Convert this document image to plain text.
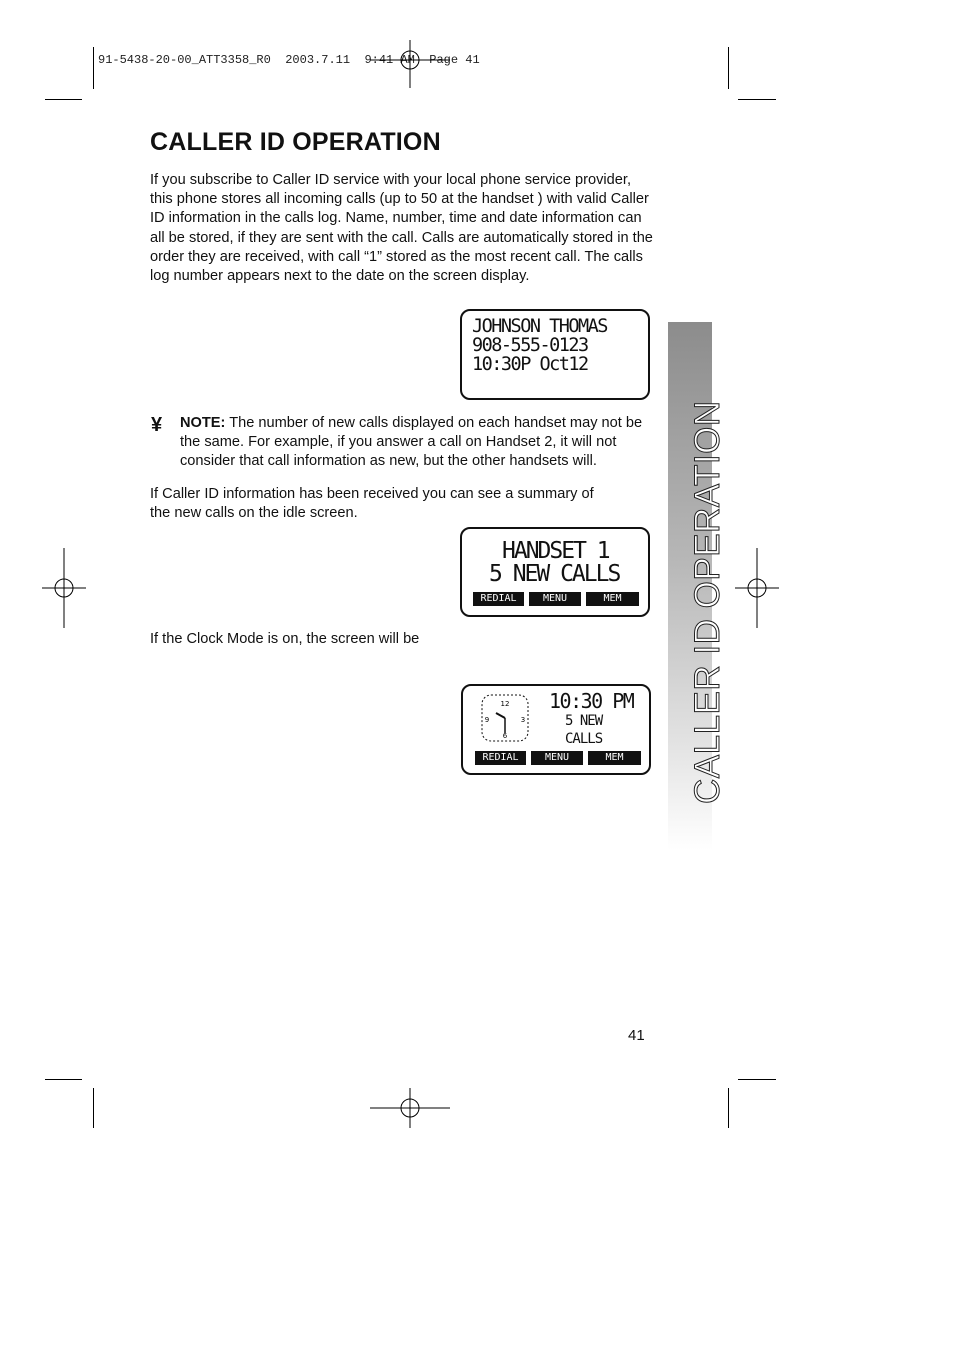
91-5438-20-00_ATT3358_R0  2003.7.11  9:41 AM  Page 41
CALLER ID OPERATION
If you subscribe to Caller ID service with your local phone service provider, this phone stores all incoming calls (up to 50 at the handset ) with valid Caller ID information in the calls log. Name, number, time and date information can all be stored, if they are sent with the call. Calls are automatically stored in the order they are received, with call “1” stored as the most recent call. The calls log number appears next to the date on the screen display.
JOHNSON THOMAS
908-555-0123
10:30P Oct12
¥ NOTE: The number of new calls displayed on each handset may not be the same. For example, if you answer a call on Handset 2, it will not consider that call information as new, but the other handsets will.
If Caller ID information has been received you can see a summary of the new calls on the idle screen.
HANDSET 1
5 NEW CALLS
REDIAL	MENU	MEM
If the Clock Mode is on, the screen will be
12
3
6
9
10:30 PM
5 NEW
CALLS
REDIAL	MENU	MEM	CALLER ID OPERATION
41
